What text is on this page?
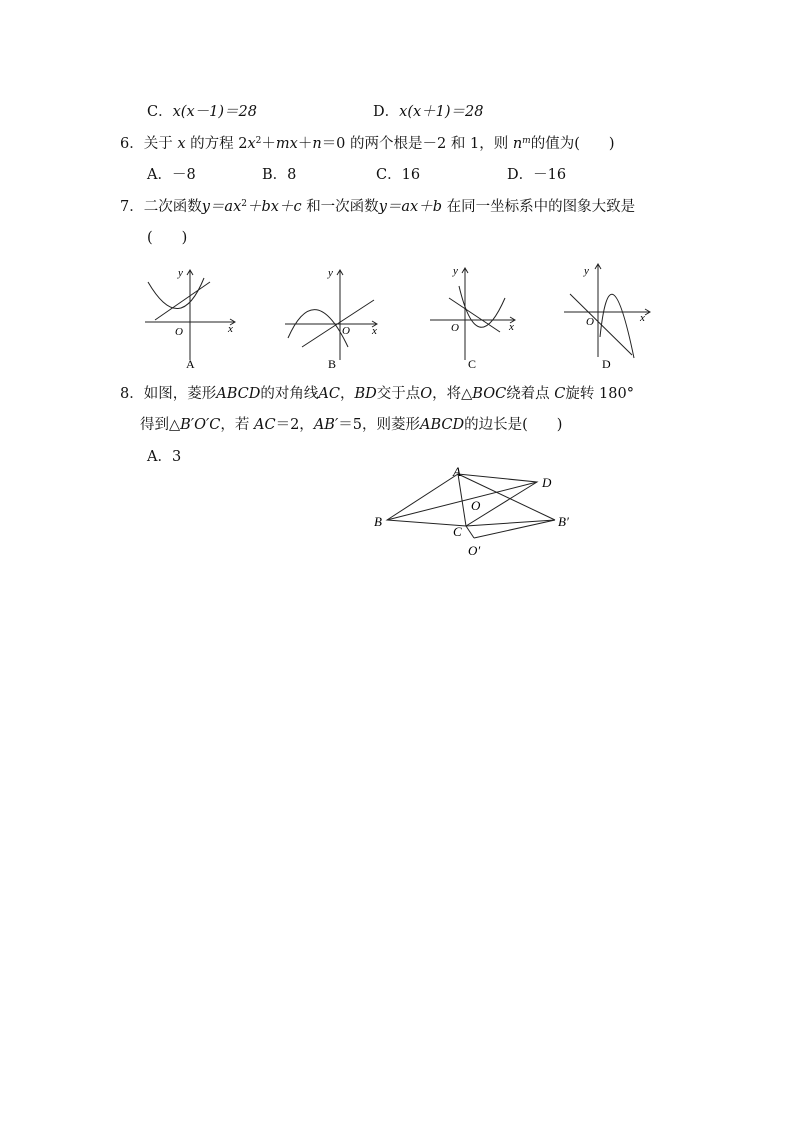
C．x(x－1)＝28	D．x(x＋1)＝28
6．关于 x 的方程 $2x^2+mx+n=0$ 的两个根是－2 和 1，则 $n^m$的值为(　　)
A．－8	B．8	C．16	D．－16
7．二次函数$y=ax^2+bx+c$ 和一次函数y＝ax＋b 在同一坐标系中的图象大致是
(　　)
y
O	x
A
y
O x
B
y
O	x
C
y
O	x
D
8．如图，菱形ABCD的对角线AC，BD交于点O，将△BOC绕着点 C旋转 180°
得到△B′O′C，若 AC＝2，AB′＝5，则菱形ABCD的边长是(　　)
A．3
A
B
C
D
O
B′
O′
